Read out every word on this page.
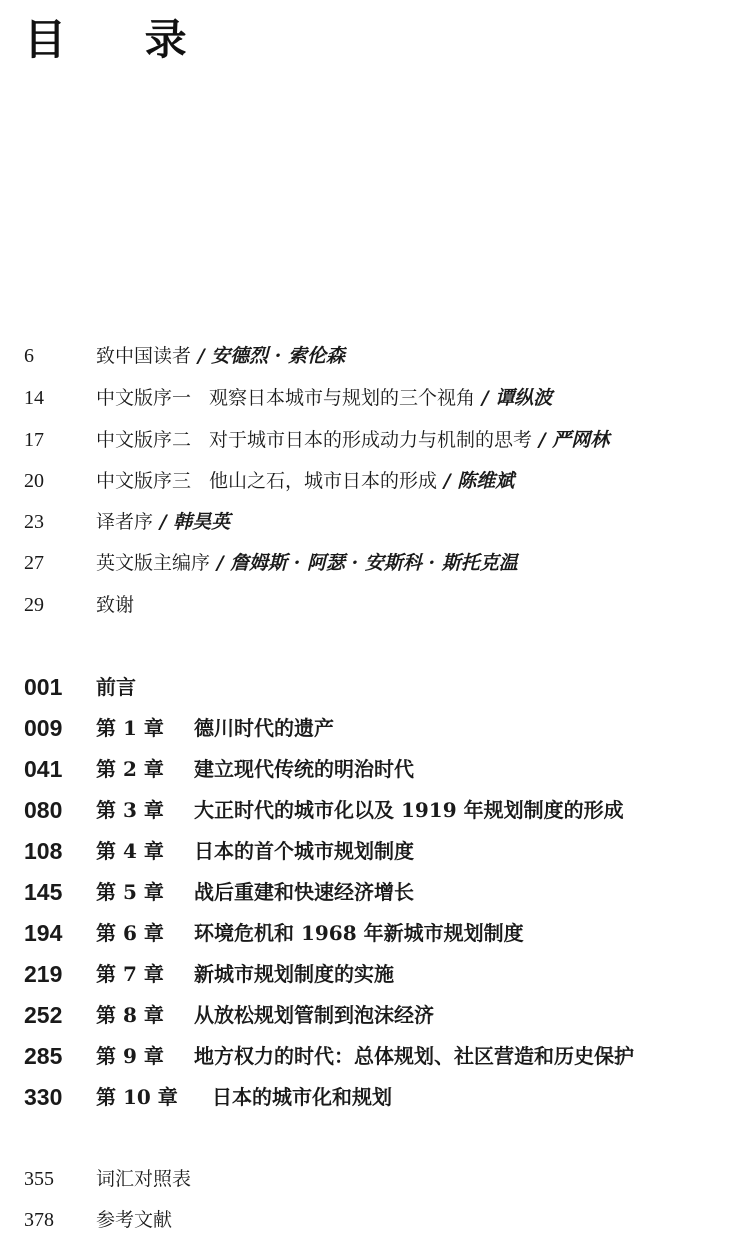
目 录
6	致中国读者 / 安德烈 · 索伦森
14	中文版序一 观察日本城市与规划的三个视角 / 谭纵波
17	中文版序二 对于城市日本的形成动力与机制的思考 / 严网林
20	中文版序三 他山之石，城市日本的形成 / 陈维斌
23	译者序 / 韩昊英
27	英文版主编序 / 詹姆斯 · 阿瑟 · 安斯科 · 斯托克温
29	致谢
001 前言
009 第 1 章 德川时代的遗产
041 第 2 章 建立现代传统的明治时代
080 第 3 章 大正时代的城市化以及 1919 年规划制度的形成
108 第 4 章 日本的首个城市规划制度
145 第 5 章 战后重建和快速经济增长
194 第 6 章 环境危机和 1968 年新城市规划制度
219 第 7 章 新城市规划制度的实施
252 第 8 章 从放松规划管制到泡沫经济
285 第 9 章 地方权力的时代：总体规划、社区营造和历史保护
330 第 10 章 日本的城市化和规划
355 词汇对照表
378 参考文献
